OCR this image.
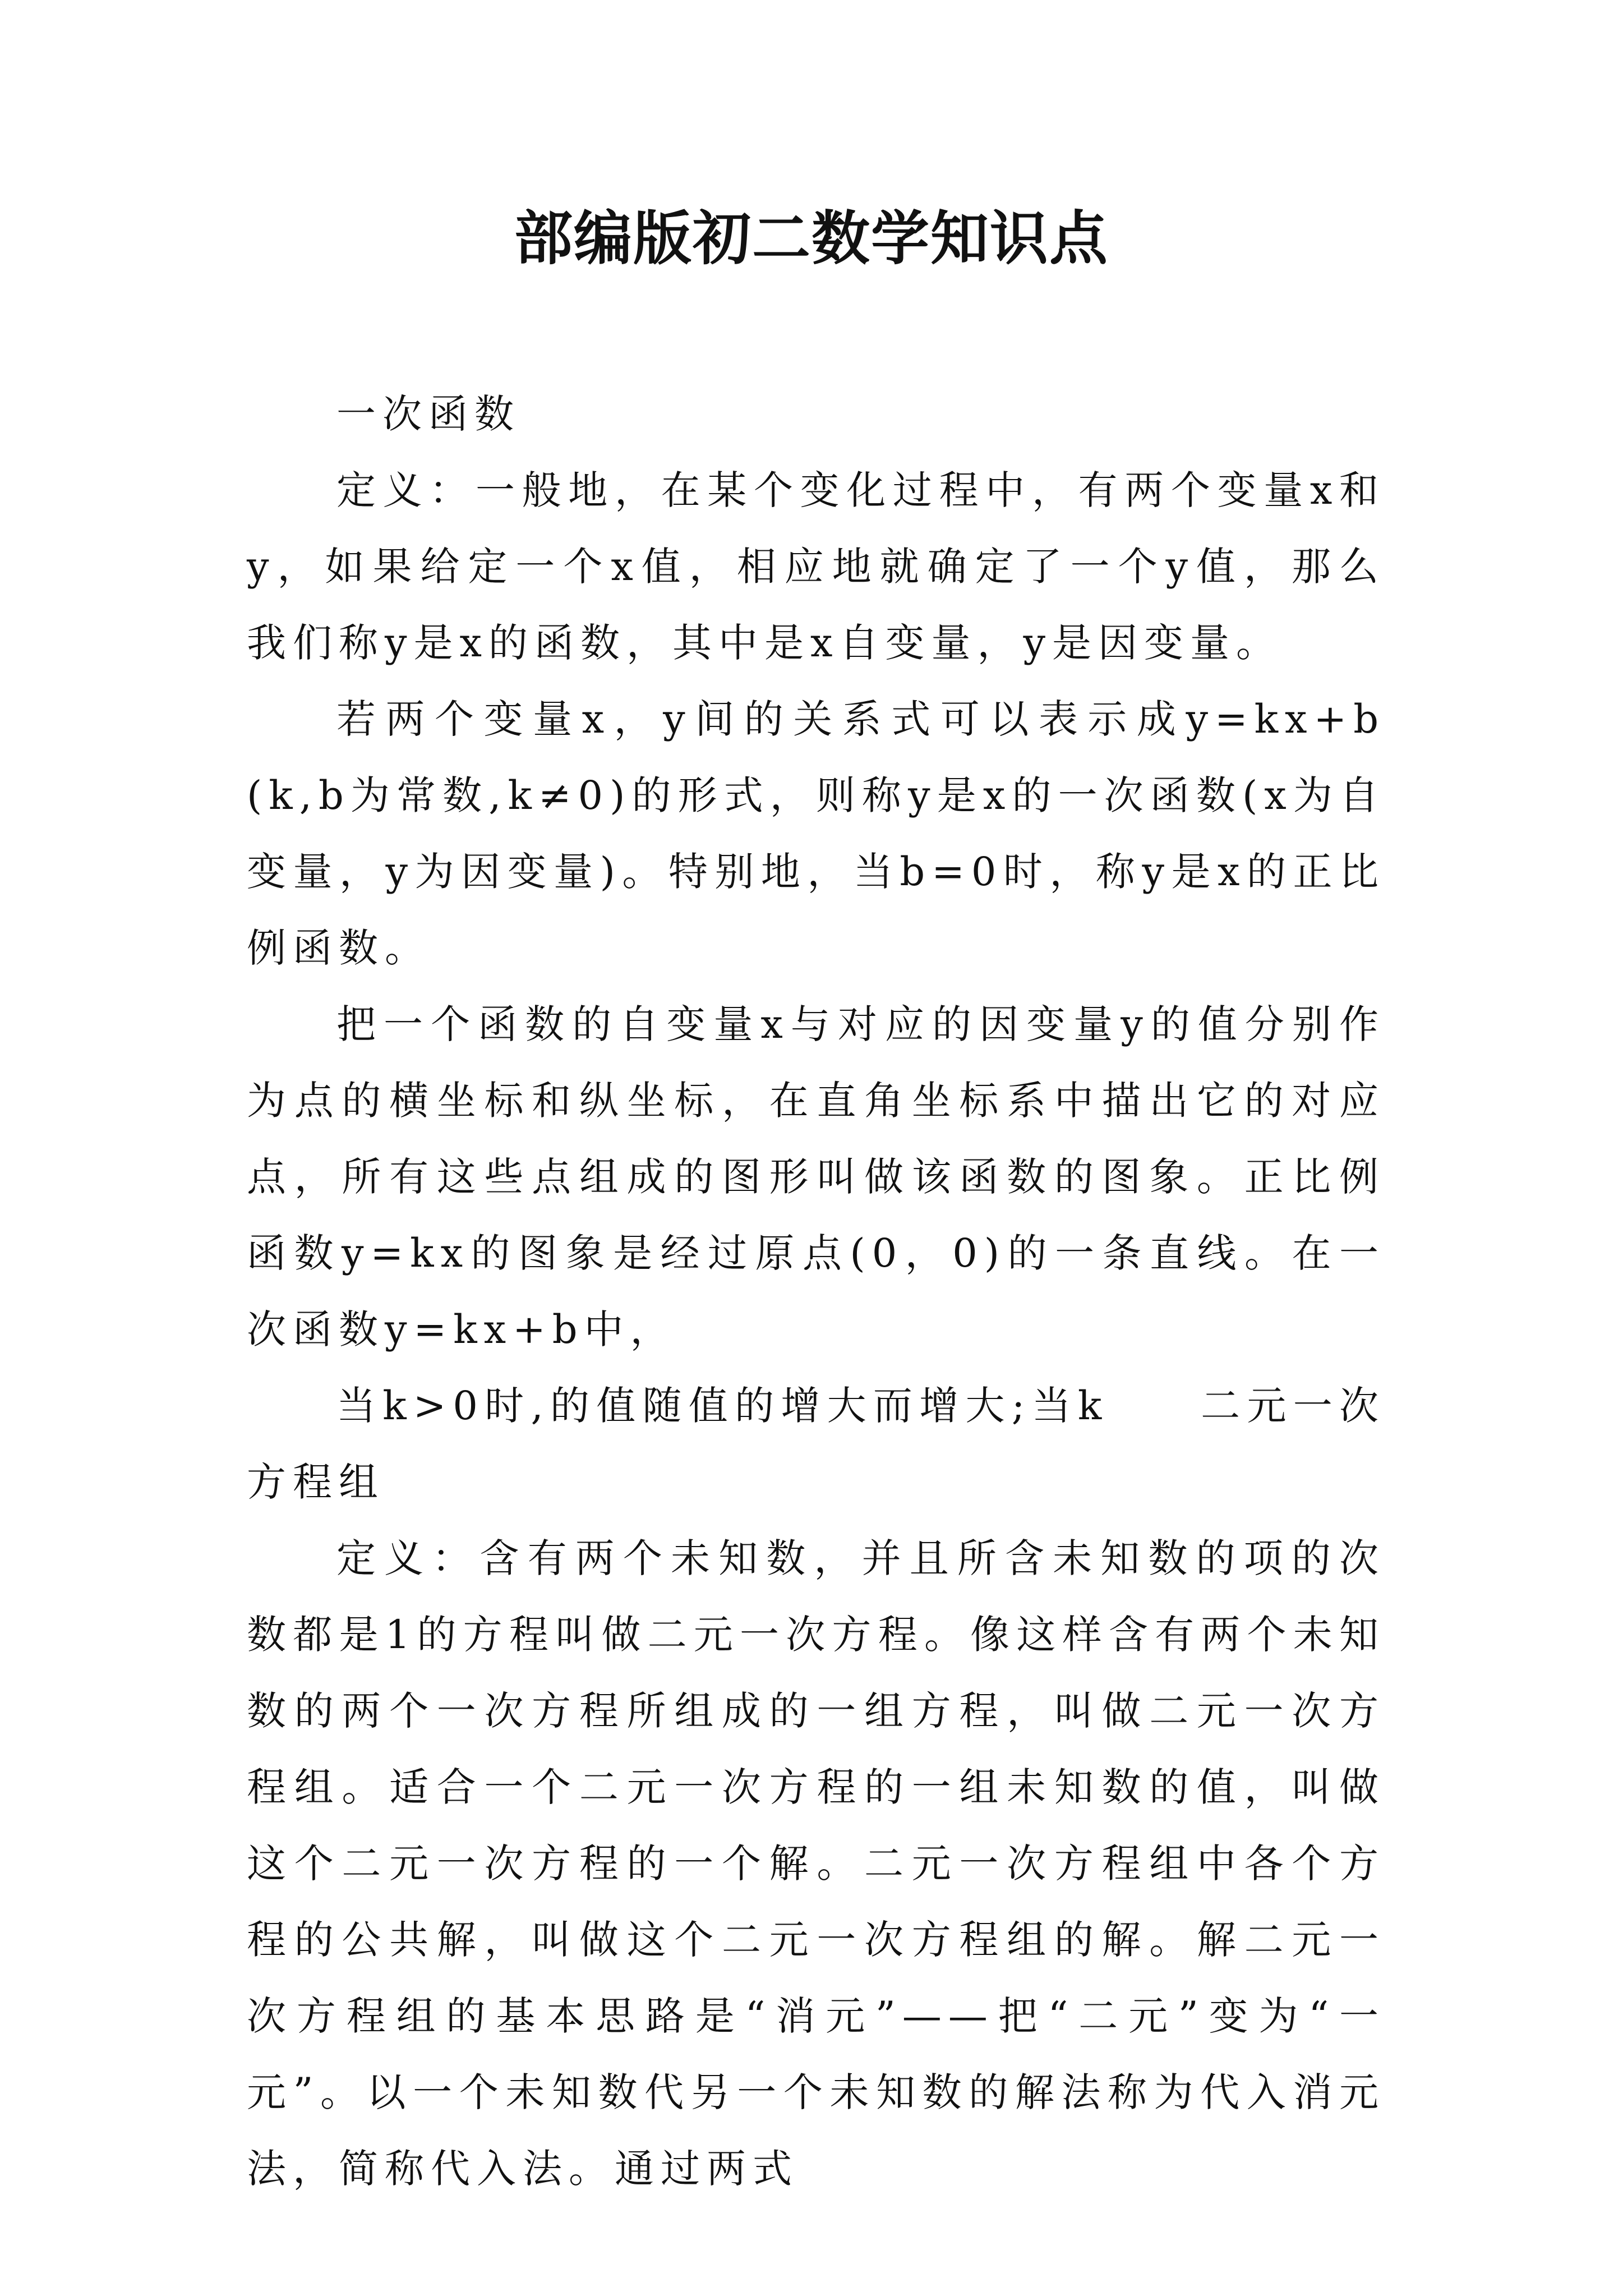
部编版初二数学知识点

一次函数

定义：一般地，在某个变化过程中，有两个变量x和y，如果给定一个x值，相应地就确定了一个y值，那么我们称y是x的函数，其中是x自变量，y是因变量。

若两个变量x，y间的关系式可以表示成y=kx+b(k,b为常数,k≠0)的形式，则称y是x的一次函数(x为自变量，y为因变量)。特别地，当b=0时，称y是x的正比例函数。

把一个函数的自变量x与对应的因变量y的值分别作为点的横坐标和纵坐标，在直角坐标系中描出它的对应点，所有这些点组成的图形叫做该函数的图象。正比例函数y=kx的图象是经过原点(0，0)的一条直线。在一次函数y=kx+b中，

当k>0时,的值随值的增大而增大;当k　　二元一次方程组

定义：含有两个未知数，并且所含未知数的项的次数都是1的方程叫做二元一次方程。像这样含有两个未知数的两个一次方程所组成的一组方程，叫做二元一次方程组。适合一个二元一次方程的一组未知数的值，叫做这个二元一次方程的一个解。二元一次方程组中各个方程的公共解，叫做这个二元一次方程组的解。解二元一次方程组的基本思路是“消元”——把“二元”变为“一元”。以一个未知数代另一个未知数的解法称为代入消元法，简称代入法。通过两式
